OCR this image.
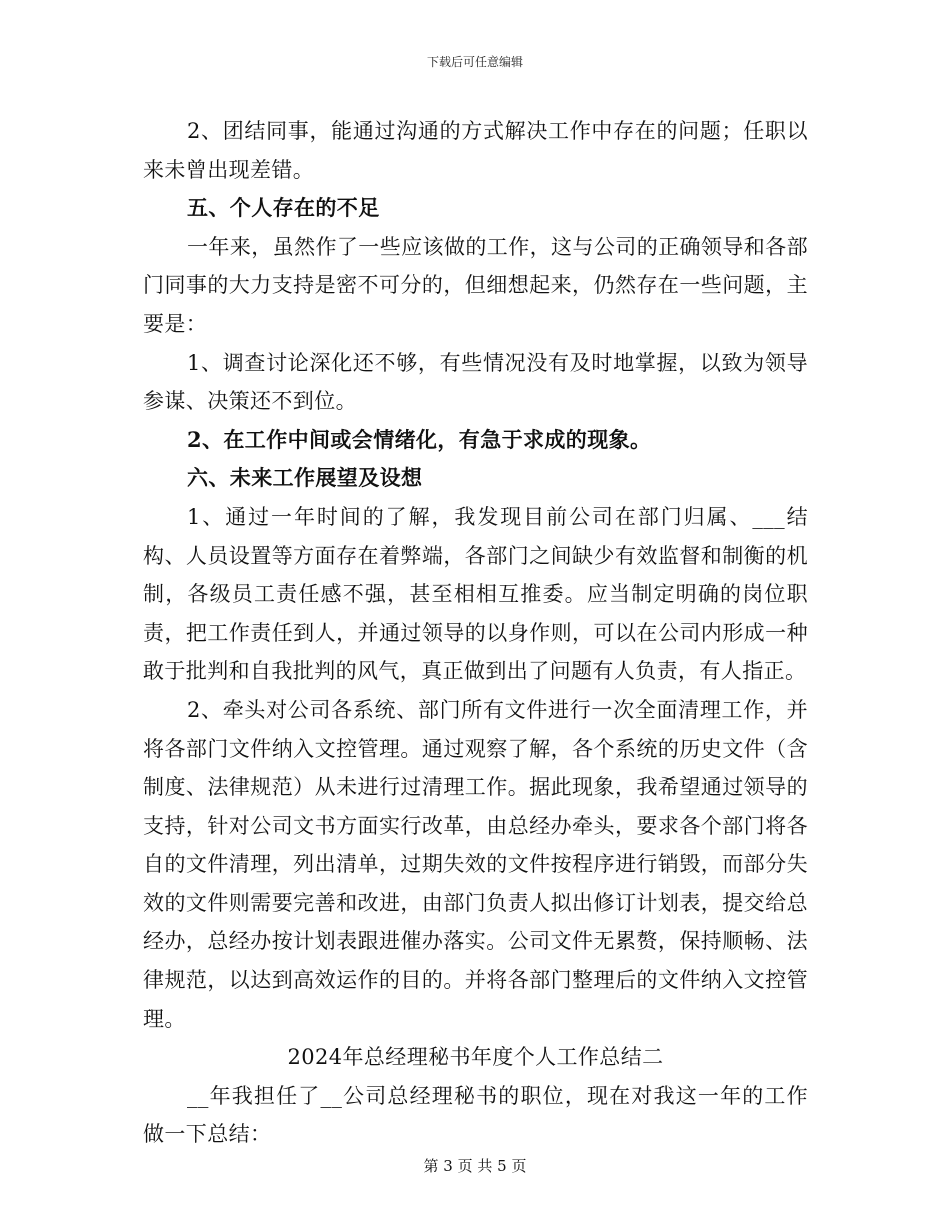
下载后可任意编辑

2、团结同事，能通过沟通的方式解决工作中存在的问题；任职以来未曾出现差错。

五、个人存在的不足

一年来，虽然作了一些应该做的工作，这与公司的正确领导和各部门同事的大力支持是密不可分的，但细想起来，仍然存在一些问题，主要是：

1、调查讨论深化还不够，有些情况没有及时地掌握，以致为领导参谋、决策还不到位。

2、在工作中间或会情绪化，有急于求成的现象。

六、未来工作展望及设想

1、通过一年时间的了解，我发现目前公司在部门归属、___结构、人员设置等方面存在着弊端，各部门之间缺少有效监督和制衡的机制，各级员工责任感不强，甚至相相互推委。应当制定明确的岗位职责，把工作责任到人，并通过领导的以身作则，可以在公司内形成一种敢于批判和自我批判的风气，真正做到出了问题有人负责，有人指正。

2、牵头对公司各系统、部门所有文件进行一次全面清理工作，并将各部门文件纳入文控管理。通过观察了解，各个系统的历史文件（含制度、法律规范）从未进行过清理工作。据此现象，我希望通过领导的支持，针对公司文书方面实行改革，由总经办牵头，要求各个部门将各自的文件清理，列出清单，过期失效的文件按程序进行销毁，而部分失效的文件则需要完善和改进，由部门负责人拟出修订计划表，提交给总经办，总经办按计划表跟进催办落实。公司文件无累赘，保持顺畅、法律规范，以达到高效运作的目的。并将各部门整理后的文件纳入文控管理。

2024年总经理秘书年度个人工作总结二

__年我担任了__公司总经理秘书的职位，现在对我这一年的工作做一下总结：

第 3 页 共 5 页
